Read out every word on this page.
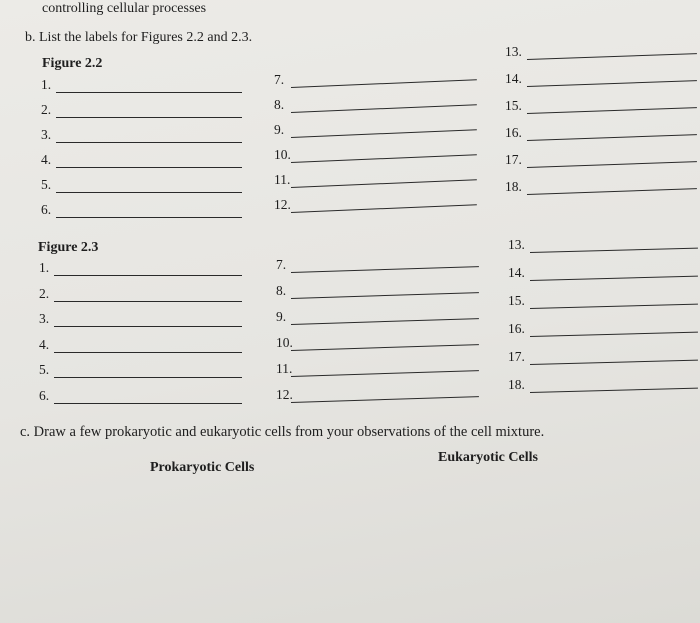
controlling cellular processes
b. List the labels for Figures 2.2 and 2.3.
Figure 2.2
1.
2.
3.
4.
5.
6.
7.
8.
9.
10.
11.
12.
13.
14.
15.
16.
17.
18.
Figure 2.3
1.
2.
3.
4.
5.
6.
7.
8.
9.
10.
11.
12.
13.
14.
15.
16.
17.
18.
c. Draw a few prokaryotic and eukaryotic cells from your observations of the cell mixture.
Prokaryotic Cells
Eukaryotic Cells
